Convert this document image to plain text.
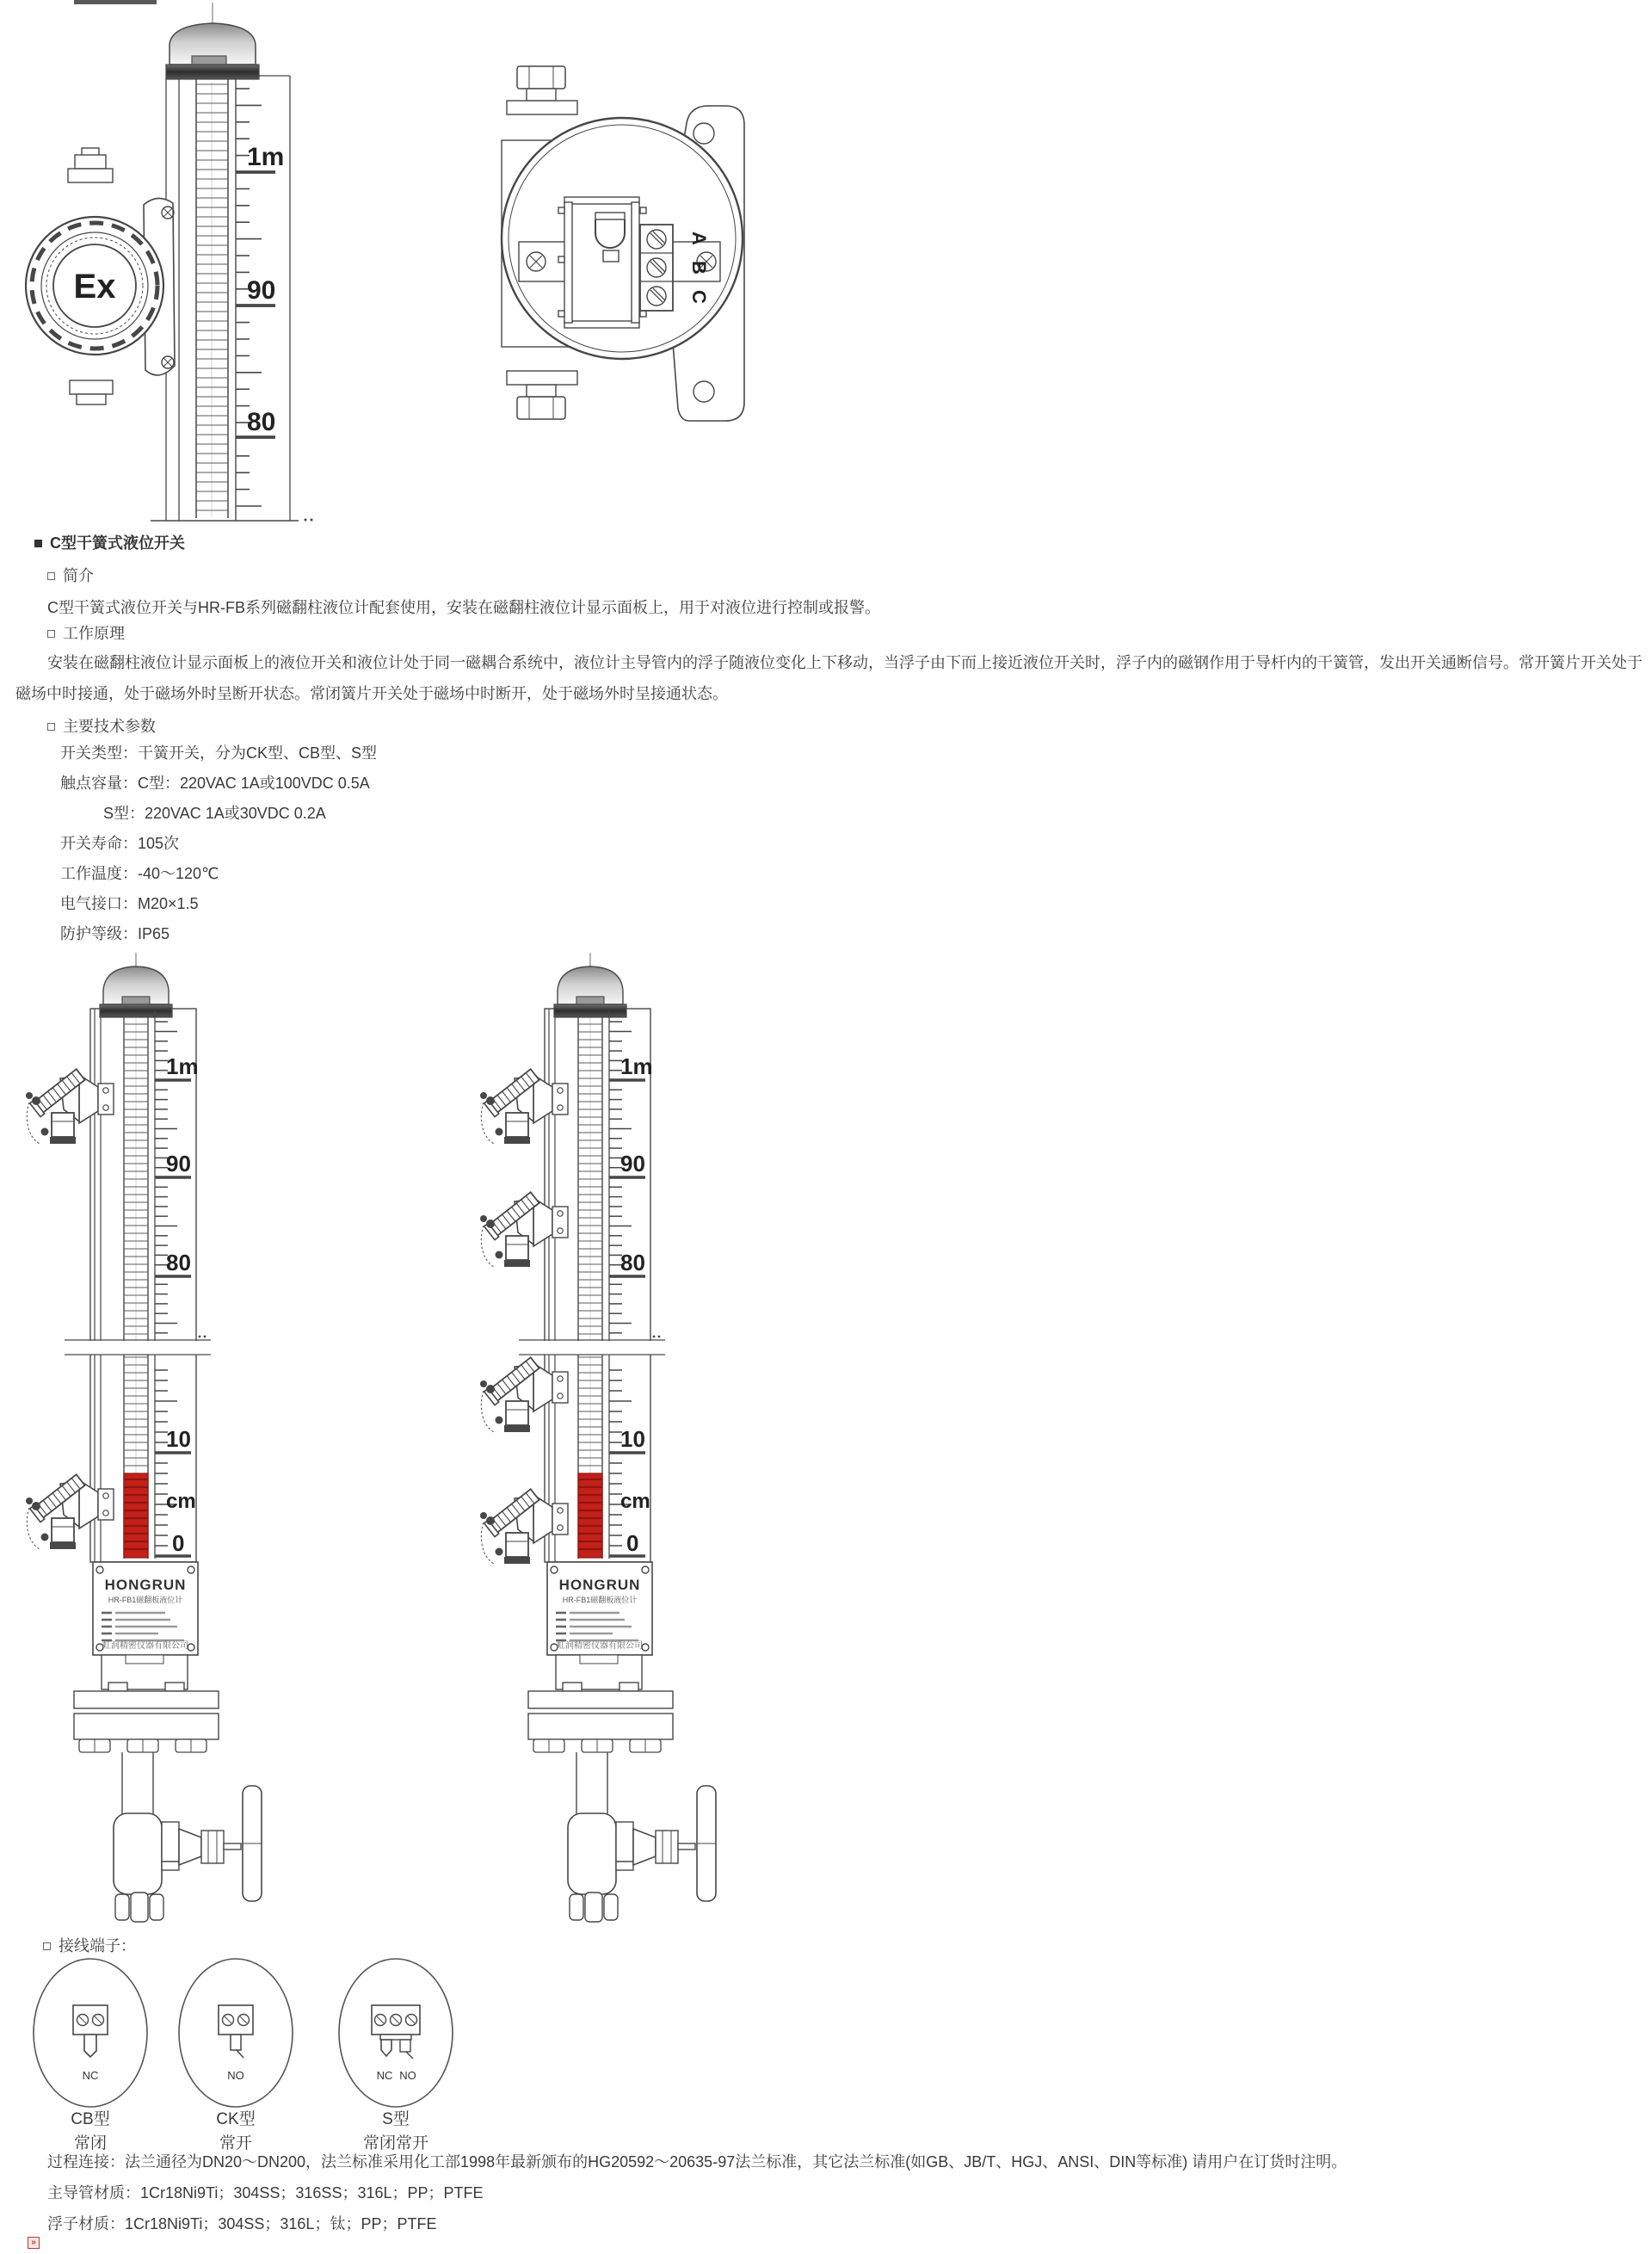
1m
90
80
Ex
A
B
C
C型干簧式液位开关
简介
C型干簧式液位开关与HR-FB系列磁翻柱液位计配套使用，安装在磁翻柱液位计显示面板上，用于对液位进行控制或报警。
工作原理
安装在磁翻柱液位计显示面板上的液位开关和液位计处于同一磁耦合系统中，液位计主导管内的浮子随液位变化上下移动，当浮子由下而上接近液位开关时，浮子内的磁钢作用于导杆内的干簧管，发出开关通断信号。常开簧片开关处于磁场中时接通，处于磁场外时呈断开状态。常闭簧片开关处于磁场中时断开，处于磁场外时呈接通状态。
主要技术参数
开关类型：干簧开关，分为CK型、CB型、S型
触点容量：C型：220VAC 1A或100VDC 0.5A
S型：220VAC 1A或30VDC 0.2A
开关寿命：105次
工作温度：-40～120℃
电气接口：M20×1.5
防护等级：IP65
1m
90
80
10
cm
0
HONGRUN
HR-FB1磁翻板液位计
虹润精密仪器有限公司
1m
90
80
10
cm
0
HONGRUN
HR-FB1磁翻板液位计
虹润精密仪器有限公司
接线端子：
NC
CB型
常闭
NO
CK型
常开
NC NO
S型
常闭常开
过程连接：法兰通径为DN20～DN200，法兰标准采用化工部1998年最新颁布的HG20592～20635-97法兰标准，其它法兰标准(如GB、JB/T、HGJ、ANSI、DIN等标准) 请用户在订货时注明。
主导管材质：1Cr18Ni9Ti；304SS；316SS；316L；PP；PTFE
浮子材质：1Cr18Ni9Ti；304SS；316L；钛；PP；PTFE
»
